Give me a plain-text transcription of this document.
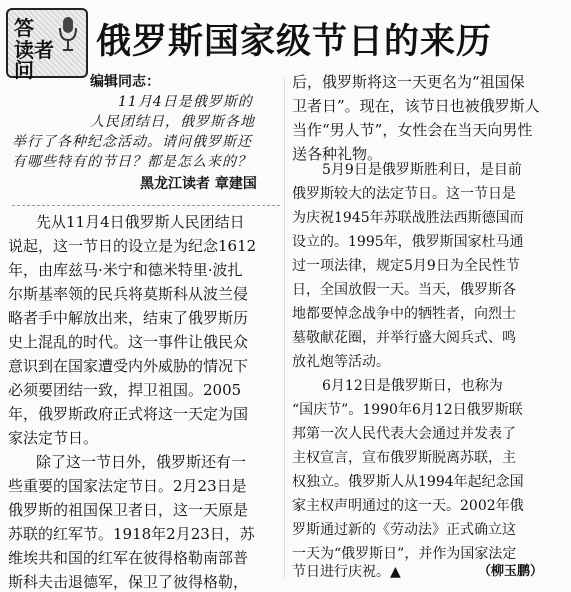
答
读 者
问
俄罗斯国家级节日的来历
编辑同志：
11月4日是俄罗斯的
人民团结日，俄罗斯各地
举行了各种纪念活动。请问俄罗斯还
有哪些特有的节日？都是怎么来的？
黑龙江读者 章建国
先从11月4日俄罗斯人民团结日
说起，这一节日的设立是为纪念1612
年，由库兹马·米宁和德米特里·波扎
尔斯基率领的民兵将莫斯科从波兰侵
略者手中解放出来，结束了俄罗斯历
史上混乱的时代。这一事件让俄民众
意识到在国家遭受内外威胁的情况下
必须要团结一致，捍卫祖国。2005
年，俄罗斯政府正式将这一天定为国
家法定节日。
除了这一节日外，俄罗斯还有一
些重要的国家法定节日。2月23日是
俄罗斯的祖国保卫者日，这一天原是
苏联的红军节。1918年2月23日，苏
维埃共和国的红军在彼得格勒南部普
斯科夫击退德军，保卫了彼得格勒，
后，俄罗斯将这一天更名为“祖国保
卫者日”。现在，该节日也被俄罗斯人
当作“男人节”，女性会在当天向男性
送各种礼物。
5月9日是俄罗斯胜利日，是目前
俄罗斯较大的法定节日。这一节日是
为庆祝1945年苏联战胜法西斯德国而
设立的。1995年，俄罗斯国家杜马通
过一项法律，规定5月9日为全民性节
日，全国放假一天。当天，俄罗斯各
地都要悼念战争中的牺牲者，向烈士
墓敬献花圈，并举行盛大阅兵式、鸣
放礼炮等活动。
6月12日是俄罗斯日，也称为
“国庆节”。1990年6月12日俄罗斯联
邦第一次人民代表大会通过并发表了
主权宣言，宣布俄罗斯脱离苏联，主
权独立。俄罗斯人从1994年起纪念国
家主权声明通过的这一天。2002年俄
罗斯通过新的《劳动法》正式确立这
一天为“俄罗斯日”，并作为国家法定
节日进行庆祝。▲	（柳玉鹏）
